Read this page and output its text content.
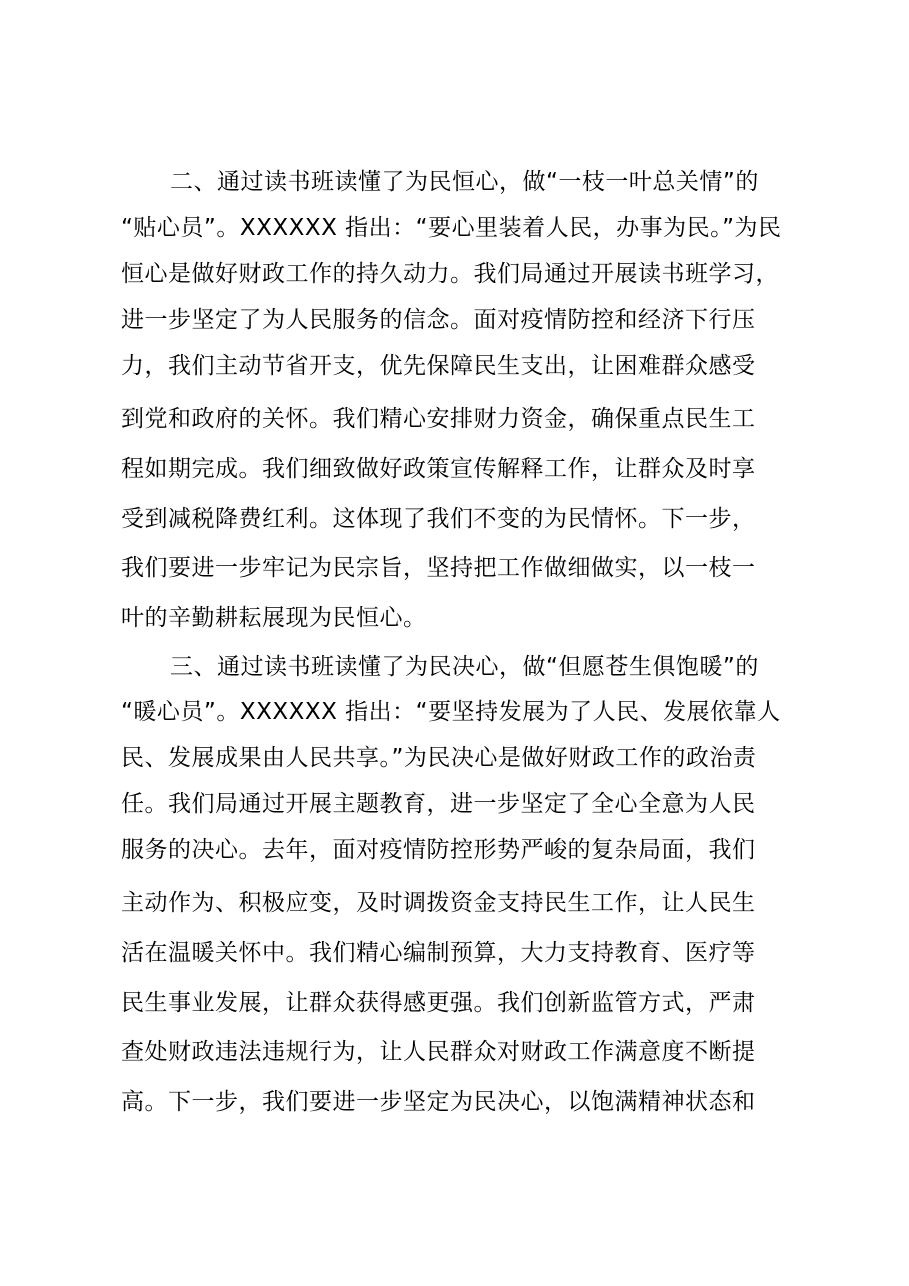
二、通过读书班读懂了为民恒心，做“一枝一叶总关情”的
“贴心员”。XXXXXX 指出：“要心里装着人民，办事为民。”为民
恒心是做好财政工作的持久动力。我们局通过开展读书班学习，
进一步坚定了为人民服务的信念。面对疫情防控和经济下行压
力，我们主动节省开支，优先保障民生支出，让困难群众感受
到党和政府的关怀。我们精心安排财力资金，确保重点民生工
程如期完成。我们细致做好政策宣传解释工作，让群众及时享
受到减税降费红利。这体现了我们不变的为民情怀。下一步，
我们要进一步牢记为民宗旨，坚持把工作做细做实，以一枝一
叶的辛勤耕耘展现为民恒心。
三、通过读书班读懂了为民决心，做“但愿苍生俱饱暖”的
“暖心员”。XXXXXX 指出：“要坚持发展为了人民、发展依靠人
民、发展成果由人民共享。”为民决心是做好财政工作的政治责
任。我们局通过开展主题教育，进一步坚定了全心全意为人民
服务的决心。去年，面对疫情防控形势严峻的复杂局面，我们
主动作为、积极应变，及时调拨资金支持民生工作，让人民生
活在温暖关怀中。我们精心编制预算，大力支持教育、医疗等
民生事业发展，让群众获得感更强。我们创新监管方式，严肃
查处财政违法违规行为，让人民群众对财政工作满意度不断提
高。下一步，我们要进一步坚定为民决心，以饱满精神状态和
